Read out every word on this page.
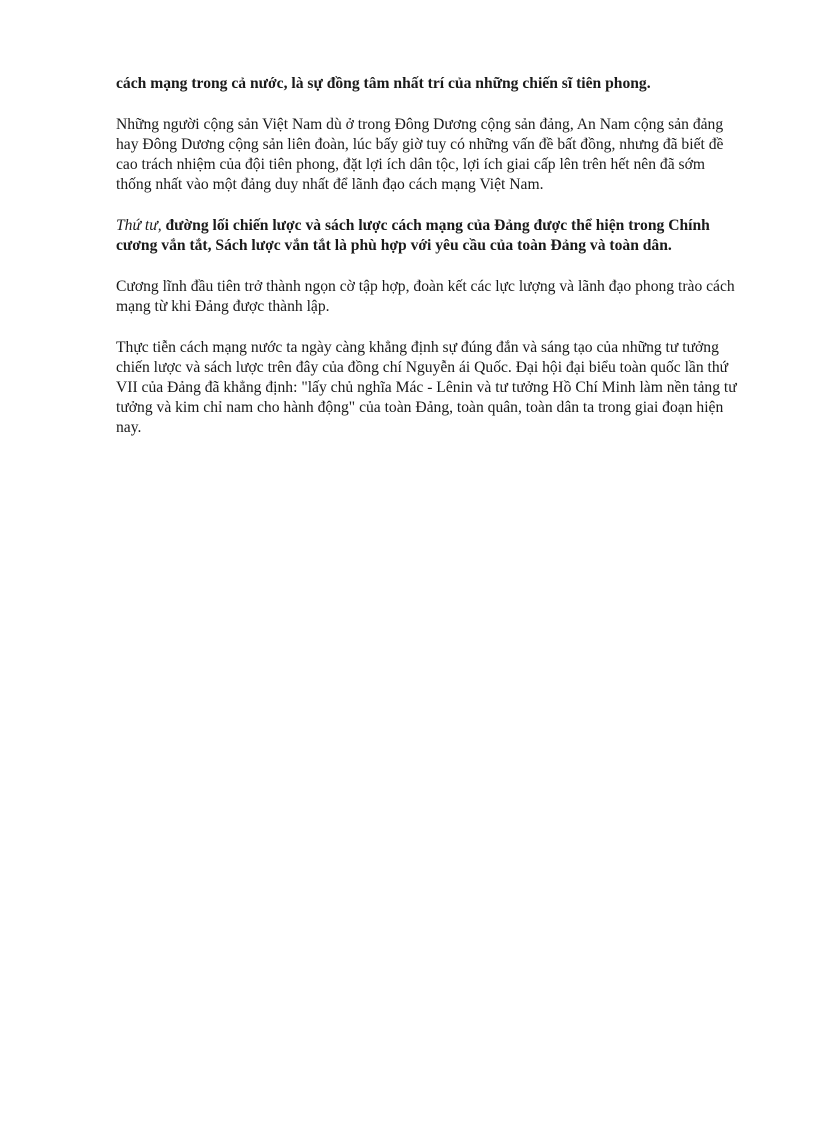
cách mạng trong cả nước, là sự đồng tâm nhất trí của những chiến sĩ tiên phong.

Những người cộng sản Việt Nam dù ở trong Đông Dương cộng sản đảng, An Nam cộng sản đảng hay Đông Dương cộng sản liên đoàn, lúc bấy giờ tuy có những vấn đề bất đồng, nhưng đã biết đề cao trách nhiệm của đội tiên phong, đặt lợi ích dân tộc, lợi ích giai cấp lên trên hết nên đã sớm thống nhất vào một đảng duy nhất để lãnh đạo cách mạng Việt Nam.

Thứ tư, đường lối chiến lược và sách lược cách mạng của Đảng được thể hiện trong Chính cương vắn tắt, Sách lược vắn tắt là phù hợp với yêu cầu của toàn Đảng và toàn dân.

Cương lĩnh đầu tiên trở thành ngọn cờ tập hợp, đoàn kết các lực lượng và lãnh đạo phong trào cách mạng từ khi Đảng được thành lập.

Thực tiễn cách mạng nước ta ngày càng khẳng định sự đúng đắn và sáng tạo của những tư tưởng chiến lược và sách lược trên đây của đồng chí Nguyễn ái Quốc. Đại hội đại biểu toàn quốc lần thứ VII của Đảng đã khẳng định: "lấy chủ nghĩa Mác - Lênin và tư tưởng Hồ Chí Minh làm nền tảng tư tưởng và kim chỉ nam cho hành động" của toàn Đảng, toàn quân, toàn dân ta trong giai đoạn hiện nay.
